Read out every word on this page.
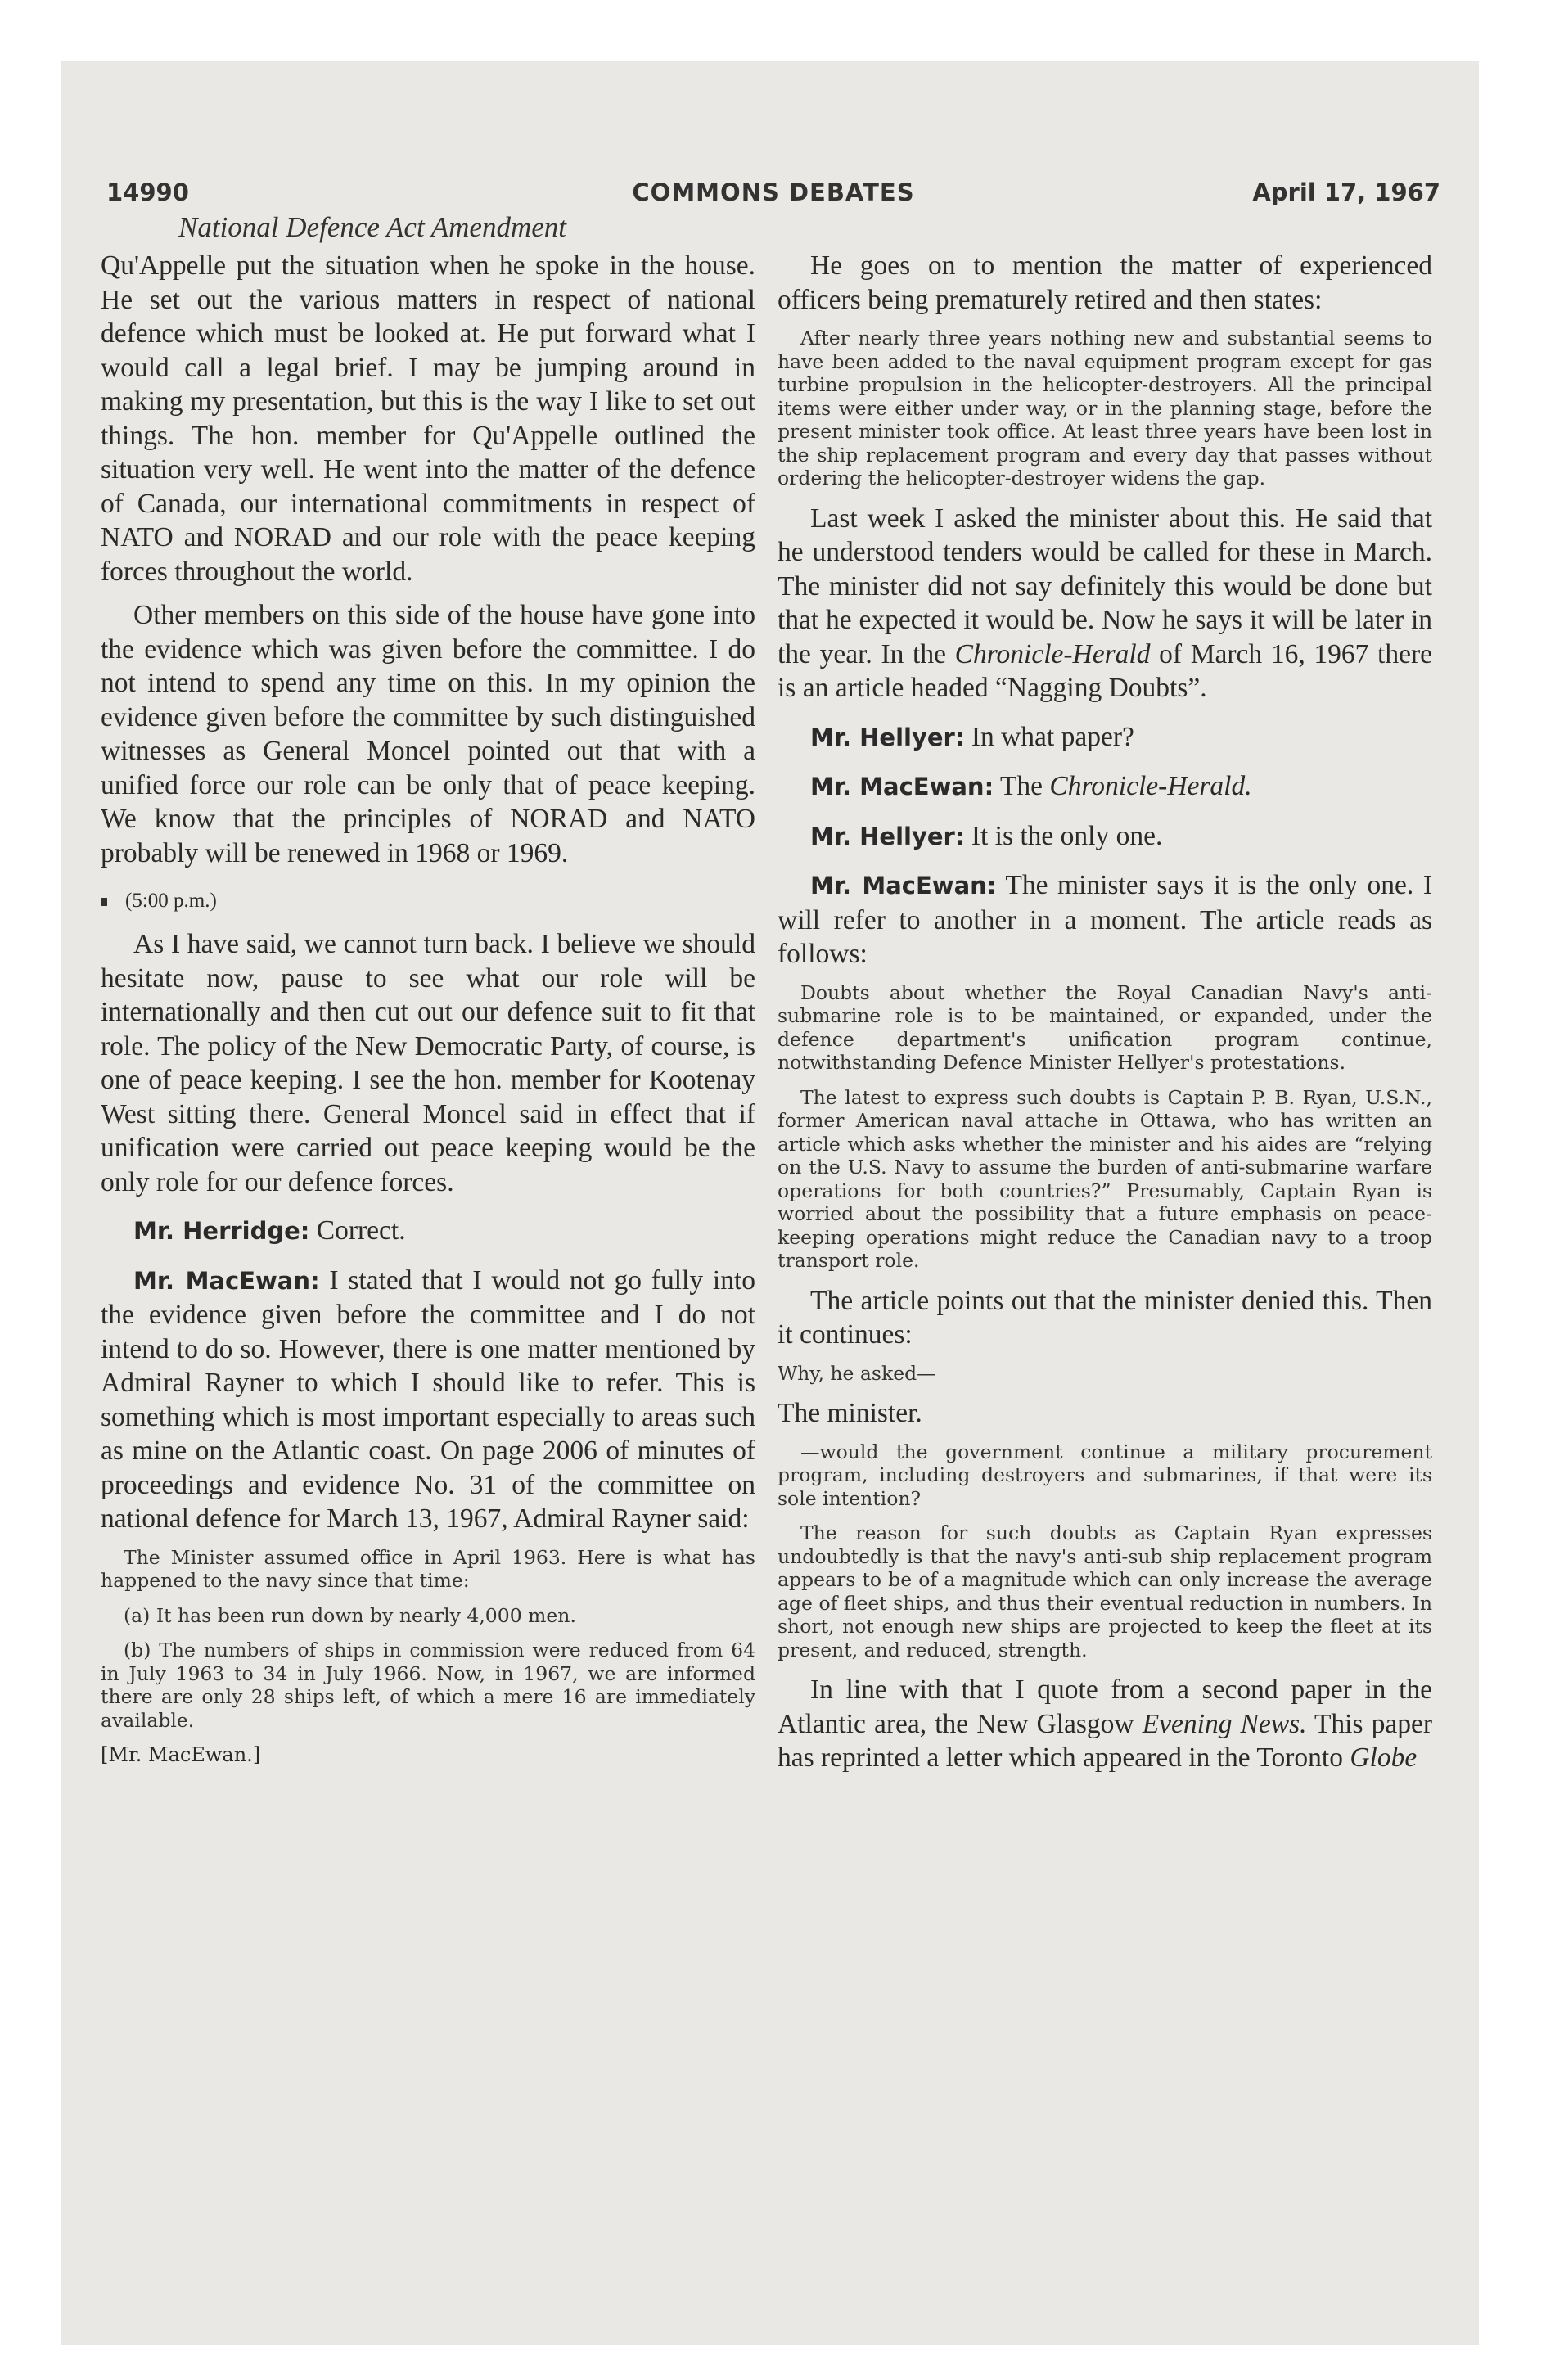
14990	COMMONS DEBATES	April 17, 1967
National Defence Act Amendment

Qu'Appelle put the situation when he spoke in the house. He set out the various matters in respect of national defence which must be looked at. He put forward what I would call a legal brief. I may be jumping around in making my presentation, but this is the way I like to set out things. The hon. member for Qu'Appelle outlined the situation very well. He went into the matter of the defence of Canada, our international commitments in respect of NATO and NORAD and our role with the peace keeping forces throughout the world.

Other members on this side of the house have gone into the evidence which was given before the committee. I do not intend to spend any time on this. In my opinion the evidence given before the committee by such distinguished witnesses as General Moncel pointed out that with a unified force our role can be only that of peace keeping. We know that the principles of NORAD and NATO probably will be renewed in 1968 or 1969.

(5:00 p.m.)

As I have said, we cannot turn back. I believe we should hesitate now, pause to see what our role will be internationally and then cut out our defence suit to fit that role. The policy of the New Democratic Party, of course, is one of peace keeping. I see the hon. member for Kootenay West sitting there. General Moncel said in effect that if unification were carried out peace keeping would be the only role for our defence forces.

Mr. Herridge: Correct.

Mr. MacEwan: I stated that I would not go fully into the evidence given before the committee and I do not intend to do so. However, there is one matter mentioned by Admiral Rayner to which I should like to refer. This is something which is most important especially to areas such as mine on the Atlantic coast. On page 2006 of minutes of proceedings and evidence No. 31 of the committee on national defence for March 13, 1967, Admiral Rayner said:

The Minister assumed office in April 1963. Here is what has happened to the navy since that time:

(a) It has been run down by nearly 4,000 men.

(b) The numbers of ships in commission were reduced from 64 in July 1963 to 34 in July 1966. Now, in 1967, we are informed there are only 28 ships left, of which a mere 16 are immediately available.

[Mr. MacEwan.]

He goes on to mention the matter of experienced officers being prematurely retired and then states:

After nearly three years nothing new and substantial seems to have been added to the naval equipment program except for gas turbine propulsion in the helicopter-destroyers. All the principal items were either under way, or in the planning stage, before the present minister took office. At least three years have been lost in the ship replacement program and every day that passes without ordering the helicopter-destroyer widens the gap.

Last week I asked the minister about this. He said that he understood tenders would be called for these in March. The minister did not say definitely this would be done but that he expected it would be. Now he says it will be later in the year. In the Chronicle-Herald of March 16, 1967 there is an article headed “Nagging Doubts”.

Mr. Hellyer: In what paper?

Mr. MacEwan: The Chronicle-Herald.

Mr. Hellyer: It is the only one.

Mr. MacEwan: The minister says it is the only one. I will refer to another in a moment. The article reads as follows:

Doubts about whether the Royal Canadian Navy's anti-submarine role is to be maintained, or expanded, under the defence department's unification program continue, notwithstanding Defence Minister Hellyer's protestations.

The latest to express such doubts is Captain P. B. Ryan, U.S.N., former American naval attache in Ottawa, who has written an article which asks whether the minister and his aides are “relying on the U.S. Navy to assume the burden of anti-submarine warfare operations for both countries?” Presumably, Captain Ryan is worried about the possibility that a future emphasis on peace-keeping operations might reduce the Canadian navy to a troop transport role.

The article points out that the minister denied this. Then it continues:

Why, he asked—

The minister.

—would the government continue a military procurement program, including destroyers and submarines, if that were its sole intention?

The reason for such doubts as Captain Ryan expresses undoubtedly is that the navy's anti-sub ship replacement program appears to be of a magnitude which can only increase the average age of fleet ships, and thus their eventual reduction in numbers. In short, not enough new ships are projected to keep the fleet at its present, and reduced, strength.

In line with that I quote from a second paper in the Atlantic area, the New Glasgow Evening News. This paper has reprinted a letter which appeared in the Toronto Globe
